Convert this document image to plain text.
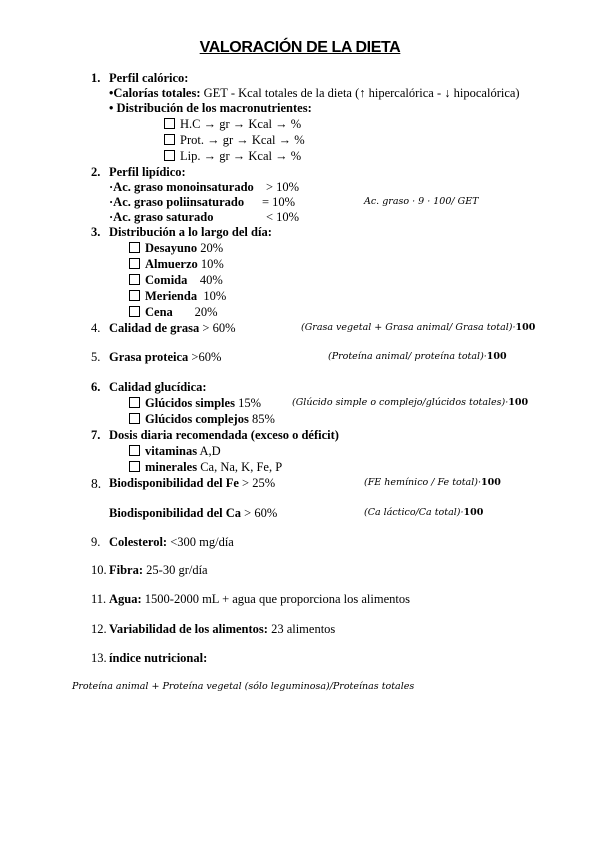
VALORACIÓN DE LA DIETA
1. Perfil calórico:
•Calorías totales: GET - Kcal totales de la dieta (↑ hipercalórica - ↓ hipocalórica)
• Distribución de los macronutrientes:
H.C → gr → Kcal → %
Prot. → gr → Kcal → %
Lip. → gr → Kcal → %
2. Perfil lipídico:
·Ac. graso monoinsaturado > 10%
·Ac. graso poliinsaturado = 10%	Ac. graso · 9 · 100/ GET
·Ac. graso saturado	< 10%
3. Distribución a lo largo del día:
Desayuno 20%
Almuerzo 10%
Comida 40%
Merienda 10%
Cena 20%
4. Calidad de grasa > 60%	(Grasa vegetal + Grasa animal/ Grasa total)·100
5. Grasa proteica >60%	(Proteína animal/ proteína total)·100
6. Calidad glucídica:
Glúcidos simples 15%	(Glúcido simple o complejo/glúcidos totales)·100
Glúcidos complejos 85%
7. Dosis diaria recomendada (exceso o déficit)
vitaminas A,D
minerales Ca, Na, K, Fe, P
8. Biodisponibilidad del Fe > 25%	(FE hemínico / Fe total)·100
Biodisponibilidad del Ca > 60%	(Ca láctico/Ca total)·100
9. Colesterol: <300 mg/día
10. Fibra: 25-30 gr/día
11. Agua: 1500-2000 mL + agua que proporciona los alimentos
12. Variabilidad de los alimentos: 23 alimentos
13. índice nutricional:
Proteína animal + Proteína vegetal (sólo leguminosa)/Proteínas totales
